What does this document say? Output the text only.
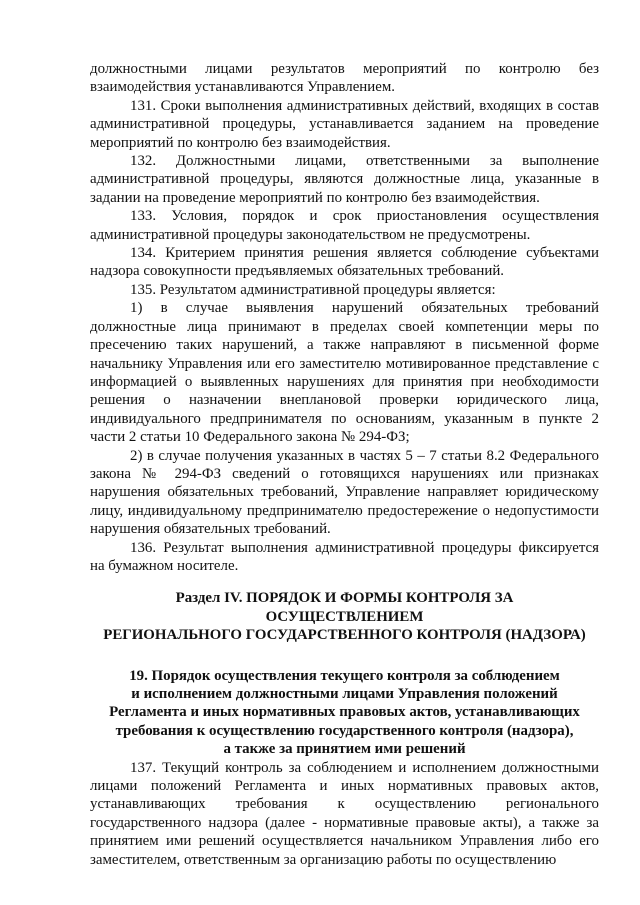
должностными лицами результатов мероприятий по контролю без взаимодействия устанавливаются Управлением.

131. Сроки выполнения административных действий, входящих в состав административной процедуры, устанавливается заданием на проведение мероприятий по контролю без взаимодействия.

132. Должностными лицами, ответственными за выполнение административной процедуры, являются должностные лица, указанные в задании на проведение мероприятий по контролю без взаимодействия.

133. Условия, порядок и срок приостановления осуществления административной процедуры законодательством не предусмотрены.

134. Критерием принятия решения является соблюдение субъектами надзора совокупности предъявляемых обязательных требований.

135. Результатом административной процедуры является:

1) в случае выявления нарушений обязательных требований должностные лица принимают в пределах своей компетенции меры по пресечению таких нарушений, а также направляют в письменной форме начальнику Управления или его заместителю мотивированное представление с информацией о выявленных нарушениях для принятия при необходимости решения о назначении внеплановой проверки юридического лица, индивидуального предпринимателя по основаниям, указанным в пункте 2 части 2 статьи 10 Федерального закона № 294-ФЗ;

2) в случае получения указанных в частях 5 – 7 статьи 8.2 Федерального закона № 294-ФЗ сведений о готовящихся нарушениях или признаках нарушения обязательных требований, Управление направляет юридическому лицу, индивидуальному предпринимателю предостережение о недопустимости нарушения обязательных требований.

136. Результат выполнения административной процедуры фиксируется на бумажном носителе.

Раздел IV. ПОРЯДОК И ФОРМЫ КОНТРОЛЯ ЗА
ОСУЩЕСТВЛЕНИЕМ
РЕГИОНАЛЬНОГО ГОСУДАРСТВЕННОГО КОНТРОЛЯ (НАДЗОРА)
19. Порядок осуществления текущего контроля за соблюдением
и исполнением должностными лицами Управления положений
Регламента и иных нормативных правовых актов, устанавливающих
требования к осуществлению государственного контроля (надзора),
а также за принятием ими решений

137. Текущий контроль за соблюдением и исполнением должностными лицами положений Регламента и иных нормативных правовых актов, устанавливающих требования к осуществлению регионального государственного надзора (далее - нормативные правовые акты), а также за принятием ими решений осуществляется начальником Управления либо его заместителем, ответственным за организацию работы по осуществлению
